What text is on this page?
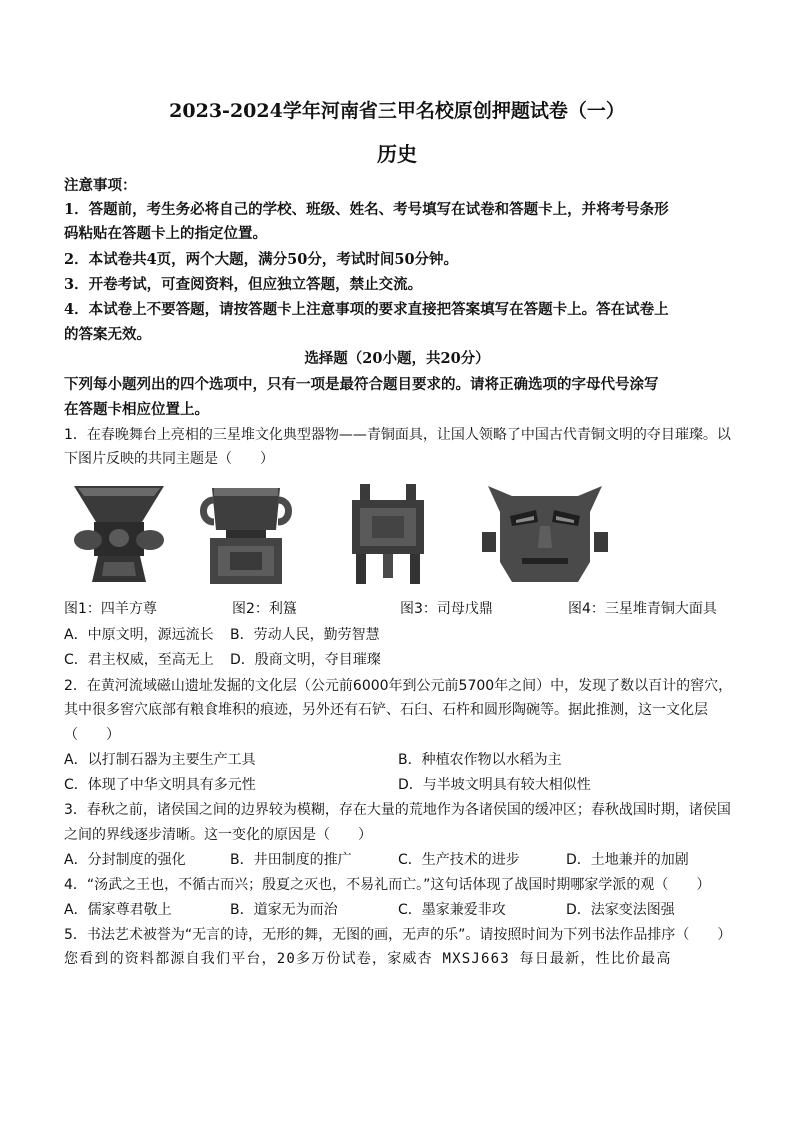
2023-2024学年河南省三甲名校原创押题试卷（一）
历史
注意事项：
1．答题前，考生务必将自己的学校、班级、姓名、考号填写在试卷和答题卡上，并将考号条形
码粘贴在答题卡上的指定位置。
2．本试卷共4页，两个大题，满分50分，考试时间50分钟。
3．开卷考试，可查阅资料，但应独立答题，禁止交流。
4．本试卷上不要答题，请按答题卡上注意事项的要求直接把答案填写在答题卡上。答在试卷上
的答案无效。
选择题（20小题，共20分）
下列每小题列出的四个选项中，只有一项是最符合题目要求的。请将正确选项的字母代号涂写
在答题卡相应位置上。
1．在春晚舞台上亮相的三星堆文化典型器物——青铜面具，让国人领略了中国古代青铜文明的夺目璀璨。以
下图片反映的共同主题是（　　）
图1：四羊方尊	图2：利簋	图3：司母戊鼎	图4：三星堆青铜大面具
A．中原文明，源远流长 B．劳动人民，勤劳智慧
C．君主权威，至高无上 D．殷商文明，夺目璀璨
2．在黄河流域磁山遗址发掘的文化层（公元前6000年到公元前5700年之间）中，发现了数以百计的窖穴，
其中很多窖穴底部有粮食堆积的痕迹，另外还有石铲、石臼、石杵和圆形陶碗等。据此推测，这一文化层
（　　）
A．以打制石器为主要生产工具	B．种植农作物以水稻为主
C．体现了中华文明具有多元性	D．与半坡文明具有较大相似性
3．春秋之前，诸侯国之间的边界较为模糊，存在大量的荒地作为各诸侯国的缓冲区；春秋战国时期，诸侯国
之间的界线逐步清晰。这一变化的原因是（　　）
A．分封制度的强化	B．井田制度的推广	C．生产技术的进步	D．土地兼并的加剧
4．“汤武之王也，不循古而兴；殷夏之灭也，不易礼而亡。”这句话体现了战国时期哪家学派的观（　　）
A．儒家尊君敬上	B．道家无为而治	C．墨家兼爱非攻	D．法家变法图强
5．书法艺术被誉为“无言的诗，无形的舞，无图的画，无声的乐”。请按照时间为下列书法作品排序（　　）
您看到的资料都源自我们平台，20多万份试卷，家威杏 MXSJ663 每日最新，性比价最高
